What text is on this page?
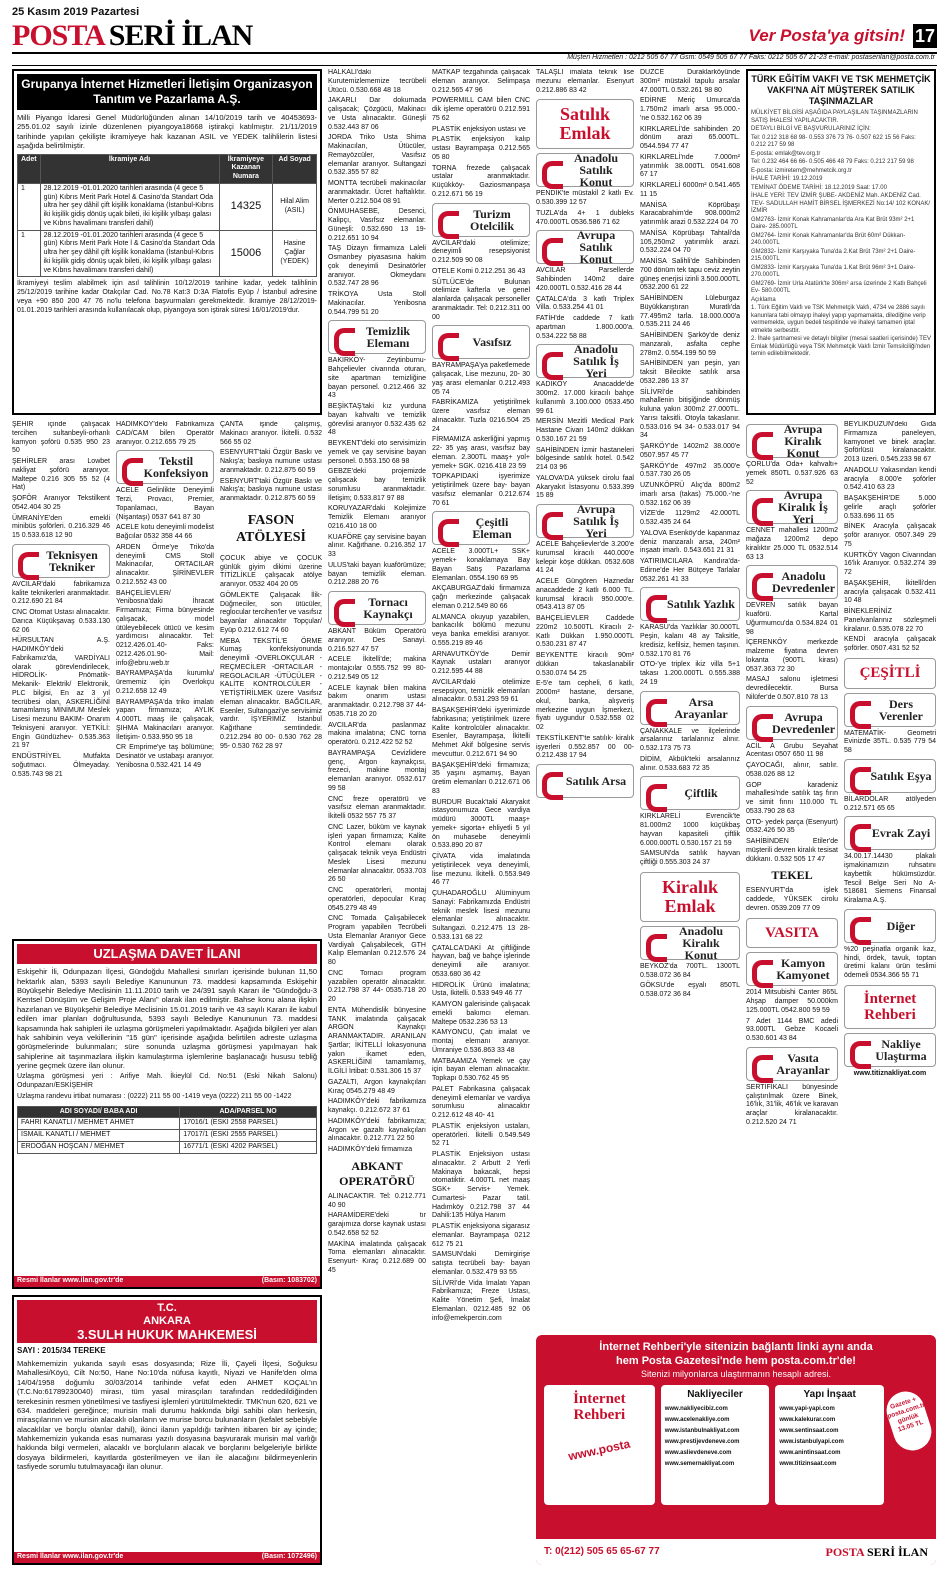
25 Kasım 2019 Pazartesi
POSTA SERİ İLAN	Ver Posta'ya gitsin! 17
Müşteri Hizmetleri : 0212 505 67 77 Gsm: 0549 505 67 77 Faks: 0212 505 67 21-23 e-mail: postaserilan@posta.com.tr
Grupanya İnternet Hizmetleri İletişim Organizasyon Tanıtım ve Pazarlama A.Ş.
Milli Piyango İdaresi Genel Müdürlüğünden alınan 14/10/2019 tarih ve 40453693-255.01.02 sayılı izinle düzenlenen piyangoya18668 iştirakçi katılmıştır. 21/11/2019 tarihinde yapılan çekilişte ikramiyeye hak kazanan ASIL ve YEDEK talihlilerin listesi aşağıda belirtilmiştir.
Adet	İkramiye Adı	İkramiyeye Kazanan Numara	Ad Soyad
1	28.12.2019 -01.01.2020 tarihleri arasında (4 gece 5 gün) Kıbrıs Merit Park Hotel & Casino'da Standart Oda ultra her şey dâhil çift kişilik konaklama (İstanbul-Kıbrıs iki kişilik gidiş dönüş uçak bileti, iki kişilik yılbaşı galası ve Kıbrıs havalimanı transferi dahil)	14325	Hilal Alim (ASIL)
1	28.12.2019 -01.01.2020 tarihleri arasında (4 gece 5 gün) Kıbrıs Merit Park Hote l & Casino'da Standart Oda ultra her şey dâhil çift kişilik konaklama (İstanbul-Kıbrıs iki kişilik gidiş dönüş uçak bileti, iki kişilik yılbaşı galası ve Kıbrıs havalimanı transferi dahil)	15006	Hasine Çağlar (YEDEK)
İkramiyeyi teslim alabilmek için asıl talihlinin 10/12/2019 tarihine kadar, yedek talihlinin 25/12/2019 tarihine kadar Otakçılar Cad. No.78 Kat:3 D:3A Flatofis Eyüp / İstanbul adresine veya +90 850 200 47 76 no'lu telefona başvurmaları gerekmektedir. İkramiye 28/12/2019-01.01.2019 tarihleri arasında kullanılacak olup, piyangoya son iştirak süresi 16/01/2019'dur.
ŞEHİR içinde çalışacak tercihen sultanbeyli-orhanlı kamyon şoförü 0.535 950 23 50
ŞEHİRLER arası Lowbet nakliyat şoförü aranıyor. Maltepe 0.216 305 55 52 (4 Hat)
ŞOFÖR Aranıyor Tekstilkent 0542.404 30 25
ÜMRANİYE'den emekli minibüs şoförleri. 0.216.329 46 15 0.533.618 12 90
Teknisyen Tekniker
AVCILAR'daki fabrikamıza kalite teknikerleri aranmaktadır. 0.212.690 21 84
CNC Otomat Ustası alınacaktır. Darıca Küçükşavaş 0.533.130 62 06
HÜRSULTAN A.Ş. HADIMKÖY'deki Fabrikamız'da, VARDİYALI olarak görevlendirilecek, HİDROLİK- Pnömatik- Mekanik- Elektrik/ Elektronik, PLC bilgisi, En az 3 yıl tecrübesi olan, ASKERLİĞİNİ tamamlamış MİNİMUM Meslek Lisesi mezunu BAKIM- Onarım Teknisyeni aranıyor. YETKİLİ: Engin Gündüzhev- 0.535.363 21 97
ENDÜSTRİYEL Mutfakta soğutmacı. Ölmeyaday. 0.535.743 98 21
HADIMKÖY'deki Fabrikamıza CAD/CAM bilen Operatör aranıyor. 0.212.655 79 25
Tekstil Konfeksiyon
ACELE Gelinlikte Deneyimli Terzi, Provacı, Premier, Topanlamacı, Bayan (Nişantaşı) 0537 641 87 30
ACELE kotu deneyimli modelist Bağcılar 0532 358 44 66
ARDEN Örme'ye Triko'da deneyimli CMS Stoll Makinacılar, ORTACILAR alınacaktır. ŞİRİNEVLER 0.212.552 43 00
BAHÇELİEVLER/ Yenibosna'daki İhracat Firmamıza; Firma bünyesinde çalışacak, model ütüleyebilecek ütücü ve kesim yardımcısı alınacaktır. Tel: 0212.426.01.40- Faks: 0212.426.01.90- Mail: info@ebru.web.tr
BAYRAMPAŞA'da kurumlu/ürememiz için Overlokçu 0.212.658 12 49
BAYRAMPAŞA'da triko imalatı yapan firmamıza; AYLIK 4.000TL maaş ile çalışacak, ŞIHMA Makinacıları aranıyor. İletişim- 0.533.950 95 18
CR Emprime'ye taş bölümüne; Desinatör ve ustabaşı aranıyor. Yenibosna 0.532.421 14 49
ÇANTA işinde çalışmış, Makinacı aranıyor. İkitelli. 0.532 566 55 02
ESENYURT'taki Özgür Baskı ve Nakış'a; baskıya numune ustası aranmaktadır. 0.212.875 60 59
ESENYURT'taki Özgür Baskı ve Nakış'a; baskıya numune ustası aranmaktadır. 0.212.875 60 59
FASON ATÖLYESİ
ÇOCUK abiye ve ÇOCUK günlük giyim dikimi üzerine TİTİZLİKLE çalışacak atölye aranıyor. 0532 404 20 05
GÖMLEKTE Çalışacak İlik-Düğmeciler, son ütücüler, reglocular tercihen'ler ve vasıfsız bayanlar alınacaktır Topçular/ Eyüp 0.212.612 74 60
MEBA TEKSTİL'E ÖRME Kumaş konfeksiyonunda deneyimli -OVERLOKÇULAR -REÇMECİLER -ORTACILAR -REGOLACILAR -ÜTÜCÜLER -KALİTE KONTROLCÜLER -YETİŞTİRİLMEK üzere Vasıfsız eleman alınacaktır. BAĞCILAR, Esenler, Sultangazi'ye servisimiz vardır. İŞYERİMİZ İstanbul Kağıthane semtindedir. 0.212.294 80 00- 0.530 762 28 95- 0.530 762 28 97
UZLAŞMA DAVET İLANI
Eskişehir İli, Odunpazarı İlçesi, Gündoğdu Mahallesi sınırları içerisinde bulunan 11,50 hektarlık alan, 5393 sayılı Belediye Kanununun 73. maddesi kapsamında Eskişehir Büyükşehir Belediye Meclisinin 11.11.2010 tarih ve 24/391 sayılı Kararı ile "Gündoğdu-3 Kentsel Dönüşüm ve Gelişim Proje Alanı" olarak ilan edilmiştir. Bahse konu alana ilişkin hazırlanan ve Büyükşehir Belediye Meclisinin 15.01.2019 tarih ve 43 sayılı Kararı ile kabul edilen imar planları doğrultusunda, 5393 sayılı Belediye Kanununun 73. maddesi kapsamında hak sahipleri ile uzlaşma görüşmeleri yapılmaktadır. Aşağıda bilgileri yer alan hak sahibinin veya vekillerinin "15 gün" içerisinde aşağıda belirtilen adreste uzlaşma görüşmelerinde bulunmaları; süre sonunda uzlaşma görüşmesi yapılmayan hak sahiplerine ait taşınmazlara ilişkin kamulaştırma işlemlerine başlanacağı hususu tebliğ yerine geçmek üzere ilan olunur.
Uzlaşma görüşmesi yeri : Arifiye Mah. İkieylül Cd. No:51 (Eski Nikah Salonu) Odunpazarı/ESKİŞEHİR
Uzlaşma randevu irtibat numarası : (0222) 211 55 00 -1419 veya (0222) 211 55 00 -1422
ADI SOYADI/ BABA ADI	ADA/PARSEL NO
FAHRİ KANATLI / MEHMET AHMET	17016/1 (ESKİ 2558 PARSEL)
İSMAİL KANATLI / MEHMET	17017/1 (ESKİ 2555 PARSEL)
ERDOĞAN HOŞCAN / MEHMET	16771/1 (ESKİ 4202 PARSEL)
Resmi İlanlar www.ilan.gov.tr'de	(Basın: 1083702)
T.C.
ANKARA
3.SULH HUKUK MAHKEMESİ
SAYI : 2015/34 TEREKE
Mahkememizin yukarıda sayılı esas dosyasında; Rize İli, Çayeli İlçesi, Soğuksu Mahallesi/Köyü, Cilt No:50, Hane No:10'da nüfusa kayıtlı, Niyazi ve Hanife'den olma 14/04/1958 doğumlu 30/03/2014 tarihinde vefat eden AHMET KOÇAL'ın (T.C.No:61789230040) mirası, tüm yasal mirasçıları tarafından reddedildiğinden terekesinin resmen yönetilmesi ve tasfiyesi işlemleri yürütülmektedir. TMK'nun 620, 621 ve 634. maddeleri gereğince; murisin mali durumu hakkında bilgi sahibi olan herkesin, mirasçılarının ve murisin alacaklı olanların ve murise borcu bulunanların (kefalet sebebiyle alacaklılar ve borçlu olanlar dahil), ikinci ilanın yapıldığı tarihten itibaren bir ay içinde; Mahkememizin yukarıda esas numarası yazılı dosyasına başvurarak murisin mal varlığı hakkında bilgi vermeleri, alacaklı ve borçluların alacak ve borçlarını belgeleriyle birlikte dosyaya bildirmeleri, kayıtlarda gösterilmeyen ve ilan ile alacağını bildirmeyenlerin tasfiyede sorumlu tutulmayacağı ilan olunur.
Resmi İlanlar www.ilan.gov.tr'de	(Basın: 1072496)
HALKALI'daki Kurutemizlememize tecrübeli Ütücü. 0.530.668 48 18
JAKARLI Dar dokumada çalışacak; Çözgücü, Makinacı ve Usta alınacaktır. Güneşli 0.532.443 87 06
JORDA Triko Usta Shima Makinacıları, Ütücüler, Remayözcüler, Vasıfsız elemanlar aranıyor. Sultangazi 0.532.355 57 82
MONTTA tecrübeli makinacılar aranmaktadır. Ücret haftalıktır. Merter 0.212.504 08 91
ÖNMUHASEBE, Desenci, Kalipçı, Vasıfsız elemanlar. Güneşli: 0.532.690 13 19- 0.212.651 10 94
TAŞ Dizayn firmamıza Laleli Osmanbey piyasasına hakim çok deneyimli Desinatörler aranıyor. Okmeydanı 0.532.747 28 96
TRİKOYA Usta Stoll Makinacılar. Yenibosna 0.544.799 51 20
Temizlik Elemanı
BAKIRKÖY- Zeytinburnu- Bahçelievler civarında oturan, site apartman temizliğine bayan personel. 0.212.466 32 43
BEŞİKTAŞ'taki kız yurduna bayan kahvaltı ve temizlik görevlisi aranıyor 0.532.435 62 48
BEYKENT'deki oto servisimizin yemek ve çay servisine bayan personel. 0.553.150 68 98
GEBZE'deki projemizde çalışacak bay temizlik sorumlusu aranmaktadır. İletişim; 0.533.817 97 88
KORUYAZAR'daki Kolejimize Temizlik Elemanı aranıyor 0216.410 18 00
KUAFÖRE çay servisine bayan alınır. Kağıthane. 0.216.352 17 33
ULUS'taki bayan kuaförümüze; bayan temizlik eleman. 0.212.288 20 76
Tornacı Kaynakçı
ABKANT Büküm Operatörü aranıyor. Des Sanayi. 0.216.527 47 57
ACELE İkitelli'de; makina montajcılar 0.555.752 99 80- 0.212.549 05 12
ACELE kaynak bilen makina bakım onarım ustası aranmaktadır. 0.212.798 37 44- 0535.718 20 20
AVCILAR'da paslanmaz makina imalatına; CNC torna operatörü. 0.212.422 52 52
BAYRAMPAŞA Cevizlidere genç, Argon kaynakçısı, frezeci, makine montaj elemanları aranıyor. 0532.617 99 58
CNC freze operatörü ve vasıfsız eleman aranmaktadır. İkitelli 0532 557 75 37
CNC Lazer, büküm ve kaynak işleri yapan firmamıza; Kalite Kontrol elemanı olarak çalışacak teknik veya Endüstri Meslek Lisesi mezunu elemanlar alınacaktır. 0533.703 26 50
CNC operatörleri, montaj operatörleri, depocular Kıraç 0545.279 48 49
CNC Tornada Çalışabilecek Program yapabilen Tecrübeli Usta Elemanlar Aranıyor Gece Vardiyalı Çalışabilecek, GTH Kalıp Elemanları 0.212.576 24 80
CNC Tornacı program yazabilen operatör alınacaktır. 0.212.798 37 44- 0535.718 20 20
ENTA Mühendislik bünyesine TANK imalatında çalışacak ARGON Kaynakçı ARANMAKTADIR. ARANILAN Şartlar; İKİTELLİ lokasyonuna yakın ikamet eden, ASKERLİĞİNİ tamamlamış, İLGİLİ İrtibat: 0.531.306 15 37
GAZALTI, Argon kaynakçıları Kıraç 0545.279 48 49
HADIMKÖY'deki fabrikamıza kaynakçı. 0.212.672 37 61
HADIMKÖY'deki fabrikamıza; Argon ve gazaltı kaynakçıları alınacaktır. 0.212.771 22 50
HADIMKÖY'deki firmamıza
ABKANT OPERATÖRÜ
ALINACAKTIR. Tel: 0.212.771 40 90
HARAMİDERE'deki tır garajımıza dorse kaynak ustası 0.542.658 52 52
MAKİNA imalatında çalışacak Torna elemanları alınacaktır. Esenyurt- Kıraç 0.212.689 00 45
MATKAP tezgahında çalışacak eleman aranıyor. Selimpaşa 0.212.565 47 96
POWERMILL CAM bilen CNC dik işleme operatörü 0.212.591 75 62
PLASTİK enjeksiyon ustası ve
PLASTİK enjeksiyon kalıp ustası Bayrampaşa 0.212.565 05 80
TORNA frezede çalışacak ustalar aranmaktadır. Küçükköy- Gaziosmanpaşa 0.212.671 56 19
Turizm Otelcilik
AVCILAR'daki otelimize; deneyimli resepsiyonist 0.212.509 90 08
OTELE Komi 0.212.251 36 43
SÜTLÜCE'de Bulunan otelimize kafterla ve genel alanlarda çalışacak personeller aranmaktadır. Tel: 0.212.311 00 00
Vasıfsız
BAYRAMPAŞA'ya paketlemede çalışacak, Lise mezunu, 20- 30 yaş arası elemanlar 0.212.493 05 74
FABRİKAMIZA yetiştirilmek üzere vasıfsız eleman alınacaktır. Tuzla 0216.504 25 24
FİRMAMIZA askerliğini yapmış 22- 35 yaş arası, vasıfsız bay eleman. 2.300TL maaş+ yol+ yemek+ SGK. 0216.418 23 59
TOPKAPIDAKİ işyerimize yetiştirilmek üzere bay- bayan vasıfsız elemanlar 0.212.674 70 61
Çeşitli Eleman
ACELE 3.000TL+ SSK+ yemek+ konaklamaya Bay Bayan Satış Pazarlama Elemanları. 0554.190 69 95
AKÇABURGAZ'daki firmamıza çağrı merkezinde çalışacak eleman 0.212.549 80 66
ALMANCA okuyup yazabilen, bankacılık bölümü mezunu veya banka emeklisi aranıyor. 0.555.219 89 46
ARNAVUTKÖY'de Demir Kaynak ustaları aranıyor 0.212.595 44 88
AVCILAR'daki otelimize resepsiyon, temizlik elemanları alınacaktır. 0.531.293 59 61
BAŞAKŞEHİR'deki işyerimizde fabrikasına; yetiştirilmek üzere Kalite kontrolcüler alınacaktır. Esenler, Bayrampaşa, İkitelli Mehmet Akif bölgesine servis mevcuttur. 0.212.671 94 90
BAŞAKŞEHİR'deki firmamıza; 35 yaşını aşmamış, Bayan üretim elemanları 0.212.671 06 83
BURDUR Bucak'taki Akaryakıt istasyonumuza Gece vardiya müdürü 3000TL maaş+ yemek+ sigorta+ ehliyetli 5 yıl ön muhasebe deneyimli 0.533.890 20 87
ÇİVATA vida imalatında yetiştirilecek veya deneyimli, lise mezunu. İkitelli. 0.553.949 46 77
ÇUHADAROĞLU Alüminyum Sanayi: Fabrikamızda Endüstri teknik meslek lisesi mezunu elemanlar alınacaktır. Sultangazi. 0.212.475 13 28- 0.533.131 68 22
ÇATALCA'DAKİ At çiftliğinde hayvan, bağ ve bahçe işlerinde deneyimli aile aranıyor. 0533.680 36 42
HIDROLİK Ürünü imalatına; Usta, İkitelli. 0.533 949 46 77
KAMYON galerisinde çalışacak emekli bakımcı eleman. Maltepe 0532.236 53 13
KAMYONCU, Çatı imalat ve montaj elemanı aranıyor. Ümraniye 0.536.863 33 48
MATBAAMIZA Yemek ve çay için bayan eleman alınacaktır. Topkapı 0.530.762 45 95
PALET Fabrikasına çalışacak deneyimli elemanlar ve vardiya sorumlusu alınacaktır 0.212.612 48 40- 41
PLASTİK enjeksiyon ustaları, operatörleri. İkitelli 0.549.549 52 71
PLASTİK Enjeksiyon ustası alınacaktır. 2 Arbutt 2 Yerli Makinaya bakacak, hepsi otomatiktir. 4.000TL net maaş SGK+ Servis+ Yemek. Cumartesi- Pazar tatil. Hadımköy 0.212.798 37 44 Dahili:135 Hülya Hanım
PLASTİK enjeksiyona sigarasız elemanlar. Bayrampaşa 0212 612 75 21
SAMSUN'daki Demirgirişe satışta tecrübeli bay- bayan elemanlar. 0.532.479 93 55
SİLİVRİ'de Vida İmalatı Yapan Fabrikamıza; Freze Ustası, Kalite Yönetim Şefi, İmalat Elemanları. 0212.485 92 06 info@emekpercin.com
TALAŞLI imalata teknik lise mezunu elemanlar. Esenyurt 0.212.886 83 42
Satılık Emlak
Anadolu Satılık Konut
PENDİK'te müstakil 2 katlı Ev. 0.530.399 12 57
TUZLA'da 4+ 1 dubleks 470.000TL 0536.586 71 62
Avrupa Satılık Konut
AVCILAR Parsellerde Sahibinden 140m2 daire 420.000TL 0.532.416 28 44
ÇATALCA'da 3 katlı Triplex Villa. 0.533.254 41 01
FATİH'de caddede 7 katlı apartman 1.800.000'a. 0.534.222 58 88
Anadolu Satılık İş Yeri
KADIKÖY Anacadde'de 300m2. 17.000 kiracılı bahçe kullanımlı 3.100.000 0533.450 99 61
MERSİN Mezitli Medical Park Hastane Civarı 140m2 dükkan 0.530.167 21 59
SAHİBİNDEN İzmir hastaneleri bölgesinde satılık hotel. 0.542 214 03 96
YALOVA'DA yüksek cirolu faal Akaryakıt İstasyonu 0.533.399 15 89
Avrupa Satılık İş Yeri
ACELE Bahçelievler'de 3.200'e kurumsal kiracılı 440.000'e kelepir köşe dükkan. 0532.608 41 24
ACELE Güngören Haznedar anacaddede 2 katlı 6.000 TL. kurumsal kiracılı 950.000'e. 0543.413 87 05
BAHÇELİEVLER Caddede 220m2 10.500TL Kiracılı 2- Katlı Dükkan 1.950.000TL 0.530.231 87 47
BEYKENTTE kiracılı 90m² dükkan takaslanabilir 0.530.074 54 25
E-5'e tam cepheli, 6 katlı, 2000m² hastane, dersane, okul, banka, alışveriş merkezine uygun İşmerkezi, fiyatı uygundur 0.532.558 02 02
TEKSTİLKENT'te satılık- kiralık işyerleri 0.552.857 00 00- 0.212.438 17 94
Satılık Arsa
DÜZCE Duraklarköyünde 300m² müstakil tapulu arsalar 47.000TL 0.532.261 98 80
EDİRNE Meriç Umurca'da 1.750m2 imarlı arsa 95.000.- 'ne 0.532.162 06 39
KIRKLARELİ'de sahibinden 20 dönüm arazi 65.000TL. 0544.594 77 47
KIRKLARELİ'nde 7.000m² yatırımlık 38.000TL 0541.608 67 17
KIRKLARELİ 6000m² 0.541.465 11 15
MANİSA Köprübaşı Karacabrahim'de 908.000m2 yatırımlık arazi 0.532.224 04 70
MANİSA Köprübaşı Tahtali'da 105,250m2 yatırımlık arazi. 0.532.224 04 70
MANİSA Salihli'de Sahibinden 700 dönüm tek tapu ceviz zeytin güneş enerjisi izinli 3.500.000TL 0532.200 61 22
SAHİBİNDEN Lüleburgaz Büyükkarıştıran Muratlı'da 77.495m2 tarla. 18.000.000'a 0.535.211 24 46
SAHİBİNDEN Şarköy'de deniz manzaralı, asfalta cephe 278m2. 0.554.199 50 59
SAHİBİNDEN yarı peşin, yarı taksit Bilecikte satılık arsa 0532.286 13 37
SİLİVRİ'de sahibinden mahallenin bitişiğinde dönmüş kuluna yakın 300m2 27.000TL. Yarısı taksitli. Otoyla takaslanır. 0.533.016 94 34- 0.533.017 94 34
ŞARKÖY'de 1402m2 38.000'e 0507.957 45 77
ŞARKÖY'de 497m2 35.000'e 0.537.730 26 05
UZUNKÖPRÜ Alıç'da 800m2 imarlı arsa (takas) 75.000.-'ne 0.532.162 06 39
VİZE'de 1129m2 42.000TL 0.532.435 24 64
YALOVA Esenköy'de kapanmaz deniz manzaralı arsa, 240m² inşaatı imarlı. 0.543.651 21 31
YATIRIMCILARA Kandıra'da- Edirne'de Her Bütçeye Tarlalar 0532.261 41 33
Satılık Yazlık
KARASU'da Yazlıklar 30.000TL Peşin, kalanı 48 ay Taksitle, kredisiz, kefilsiz, hemen taşının. 0.532.170 81 76
OTO-'ye triplex ikiz villa 5+1 takası 1.200.000TL 0.555.388 24 19
Arsa Arayanlar
ÇANAKKALE ve ilçelerinde arsalarınız tarlalarınız alınır. 0.532.173 75 73
DİDİM, Akbük'teki arsalarınız alınır. 0.533.683 72 35
Çiftlik
KIRKLARELİ Evrencik'te 81.000m2 1000 küçükbaş hayvan kapasiteli çiftlik 6.000.000TL 0.530.157 21 59
SAMSUN'da satılık hayvan çiftliği 0.555.303 24 37
Kiralık Emlak
Anadolu Kiralık Konut
BEYKOZ'da 700TL. 1300TL 0.538.072 36 84
GÖKSU'de eşyalı 850TL 0.538.072 36 84
TÜRK EĞİTİM VAKFI VE TSK MEHMETÇİK VAKFI'NA AİT MÜŞTEREK SATILIK TAŞINMAZLAR
MÜLKİYET BİLGİSİ AŞAĞIDA PAYLAŞILAN TAŞINMAZLARIN SATIŞ İHALESİ YAPILACAKTIR.
DETAYLI BİLGİ VE BAŞVURULARINIZ İÇİN:
Tel: 0.212 318 68 98- 0.553 376 73 76- 0.507 622 15 56 Faks: 0.212 217 59 98
E-posta: emlak@tev.org.tr
Tel: 0.232 464 66 66- 0.505 466 48 79 Faks: 0.212 217 59 98
E-posta: izmiretem@mehmetcik.org.tr
İHALE TARİHİ: 19.12.2019
TEMİNAT ÖDEME TARİHİ: 18.12.2019 Saat: 17.00
İHALE YERİ: TEV İZMİR ŞUBE- AKDENİZ Mah. AKDENİZ Cad. TEV- SADULLAH HAMİT BİRSEL İŞMERKEZİ No:14/ 102 KONAK/ İZMİR
GM2763- İzmir Konak Kahramanlar'da Ara Kat Brüt 93m² 2+1 Daire- 285.000TL
GM2764- İzmir Konak Kahramanlar'da Brüt 60m² Dükkan- 240.000TL
GM2832- İzmir Karşıyaka Tuna'da 2.Kat Brüt 73m² 2+1 Daire- 215.000TL
GM2833- İzmir Karşıyaka Tuna'da 1.Kat Brüt 96m² 3+1 Daire- 270.000TL
GM2769- İzmir Urla Atatürk'te 306m² arsa üzerinde 2 Katlı Bahçeli Ev- 580.000TL
Açıklama
1. Türk Eğitim Vakfı ve TSK Mehmetçik Vakfı, 4734 ve 2886 sayılı kanunlara tabi olmayıp ihaleyi yapıp yapmamakta, dilediğine verip vermemekte, uygun bedeli tespitinde ve ihaleyi tamamen iptal etmekte serbesttir.
2. İhale şartnamesi ve detaylı bilgiler (mesai saatleri içerisinde) TEV Emlak Müdürlüğü veya TSK Mehmetçik Vakfı İzmir Temsilciliği'nden temin edilebilmektedir.
Avrupa Kiralık Konut
ÇORLU'da Oda+ kahvaltı+ yemek 850TL 0.537.926 63 52
Avrupa Kiralık İş Yeri
CENNET mahallesi 1200m2 mağaza 1200m2 depo kiralıktır 25.000 TL 0532.514 63 13
Anadolu Devredenler
DEVREN satılık bayan kuaförü. Kartal Uğurmumcu'da 0.534.824 01 98
İÇERENKÖY merkezde malzeme fiyatına devren lokanta (900TL kirası) 0537.363 72 30
MASAJ salonu işletmesi devredilecektir. Bursa Nilüfer'de 0.507.810 78 13
Avrupa Devredenler
ACİL A Grubu Seyahat Acentası 0507 650 11 98
ÇAYOCAĞI, alınır, satılır. 0538.026 88 12
GOP karadeniz mahallesi'nde satılık taş fırın ve simit fırını 110.000 TL 0533.790 28 63
OTO- yedek parça (Esenyurt) 0532.426 50 35
SAHİBİNDEN Etiler'de müşterili devren kiralık tesisat dükkanı. 0.532 505 17 47
TEKEL
ESENYURT'da işlek caddede, YÜKSEK cirolu devren. 0539.209 77 09
VASITA
Kamyon Kamyonet
2014 Mitsubishi Canter 865L Ahşap damper 50.000km 125.000TL 0542.800 59 59
7 Adet 1144 BMC adedi 93.000TL Gebze Kocaeli 0.530.601 43 84
Vasıta Arayanlar
SERTİFİKALI bünyesinde çalıştırılmak üzere Binek, 16'lık, 31'lik, 46'lık ve karavan araçlar kiralanacaktır. 0.212.520 24 71
BEYLİKDÜZÜN'deki Gıda Firmamıza paneleyen, kamyonet ve binek araçlar. Şoförlüsü kiralanacaktır. 2013 üzeri. 0.545.233 98 67
ANADOLU Yakasından kendi aracıyla 8.000'e şoförler 0.542.410 63 23
BAŞAKŞEHİR'DE 5.000 gelirle araçlı şoförler 0.533.696 11 65
BİNEK Aracıyla çalışacak şoför aranıyor. 0507.349 29 75
KURTKÖY Vagon Civarından 16'lık Aranıyor. 0.532.274 39 72
BAŞAKŞEHİR, İkitelli'den aracıyla çalışacak 0.532.411 10 48
BİNEKLERİNİZ Panelvanlarınız sözleşmeli kiralanır. 0.535.078 22 70
KENDİ aracıyla çalışacak şoförler. 0507.431 52 52
ÇEŞİTLİ
Ders Verenler
MATEMATİK- Geometri Evinizde 35TL. 0.535 779 54 58
Satılık Eşya
BİLARDOLAR atölyeden 0.212.571 65 65
Evrak Zayi
34.00.17.14430 plakalı işmakinamızın ruhsatını kaybettik hükümsüzdür. Tescil Belge Seri No A-518681 Siemens Finansal Kiralama A.Ş.
Diğer
%20 peşinatla organik kaz, hindi, ördek, tavuk, toptan üretimi kalanı ürün teslimi ödemeli 0534.366 55 71
İnternet Rehberi
Nakliye Ulaştırma
www.titiznakliyat.com
İnternet Rehberi'yle sitenizin bağlantı linki aynı anda
hem Posta Gazetesi'nde hem posta.com.tr'de!
Sitenizi milyonlarca ulaştırmanın hesaplı adresi.
İnternet Rehberi
www.posta
Nakliyeciler
www.nakliyecibiz.com
www.acelenakliye.com
www.istanbulnakliyat.com
www.prestijevdeneve.com
www.aslievdeneve.com
www.semernakliyat.com
Yapı İnşaat
www.yapi-yapi.com
www.kalekurar.com
www.sentinsaat.com
www.istanbulyapi.com
www.anintinsaat.com
www.titizinsaat.com
Gazete + posta.com.tr günlük 13.05 TL
T: 0(212) 505 65 65-67 77	POSTA SERİ İLAN
